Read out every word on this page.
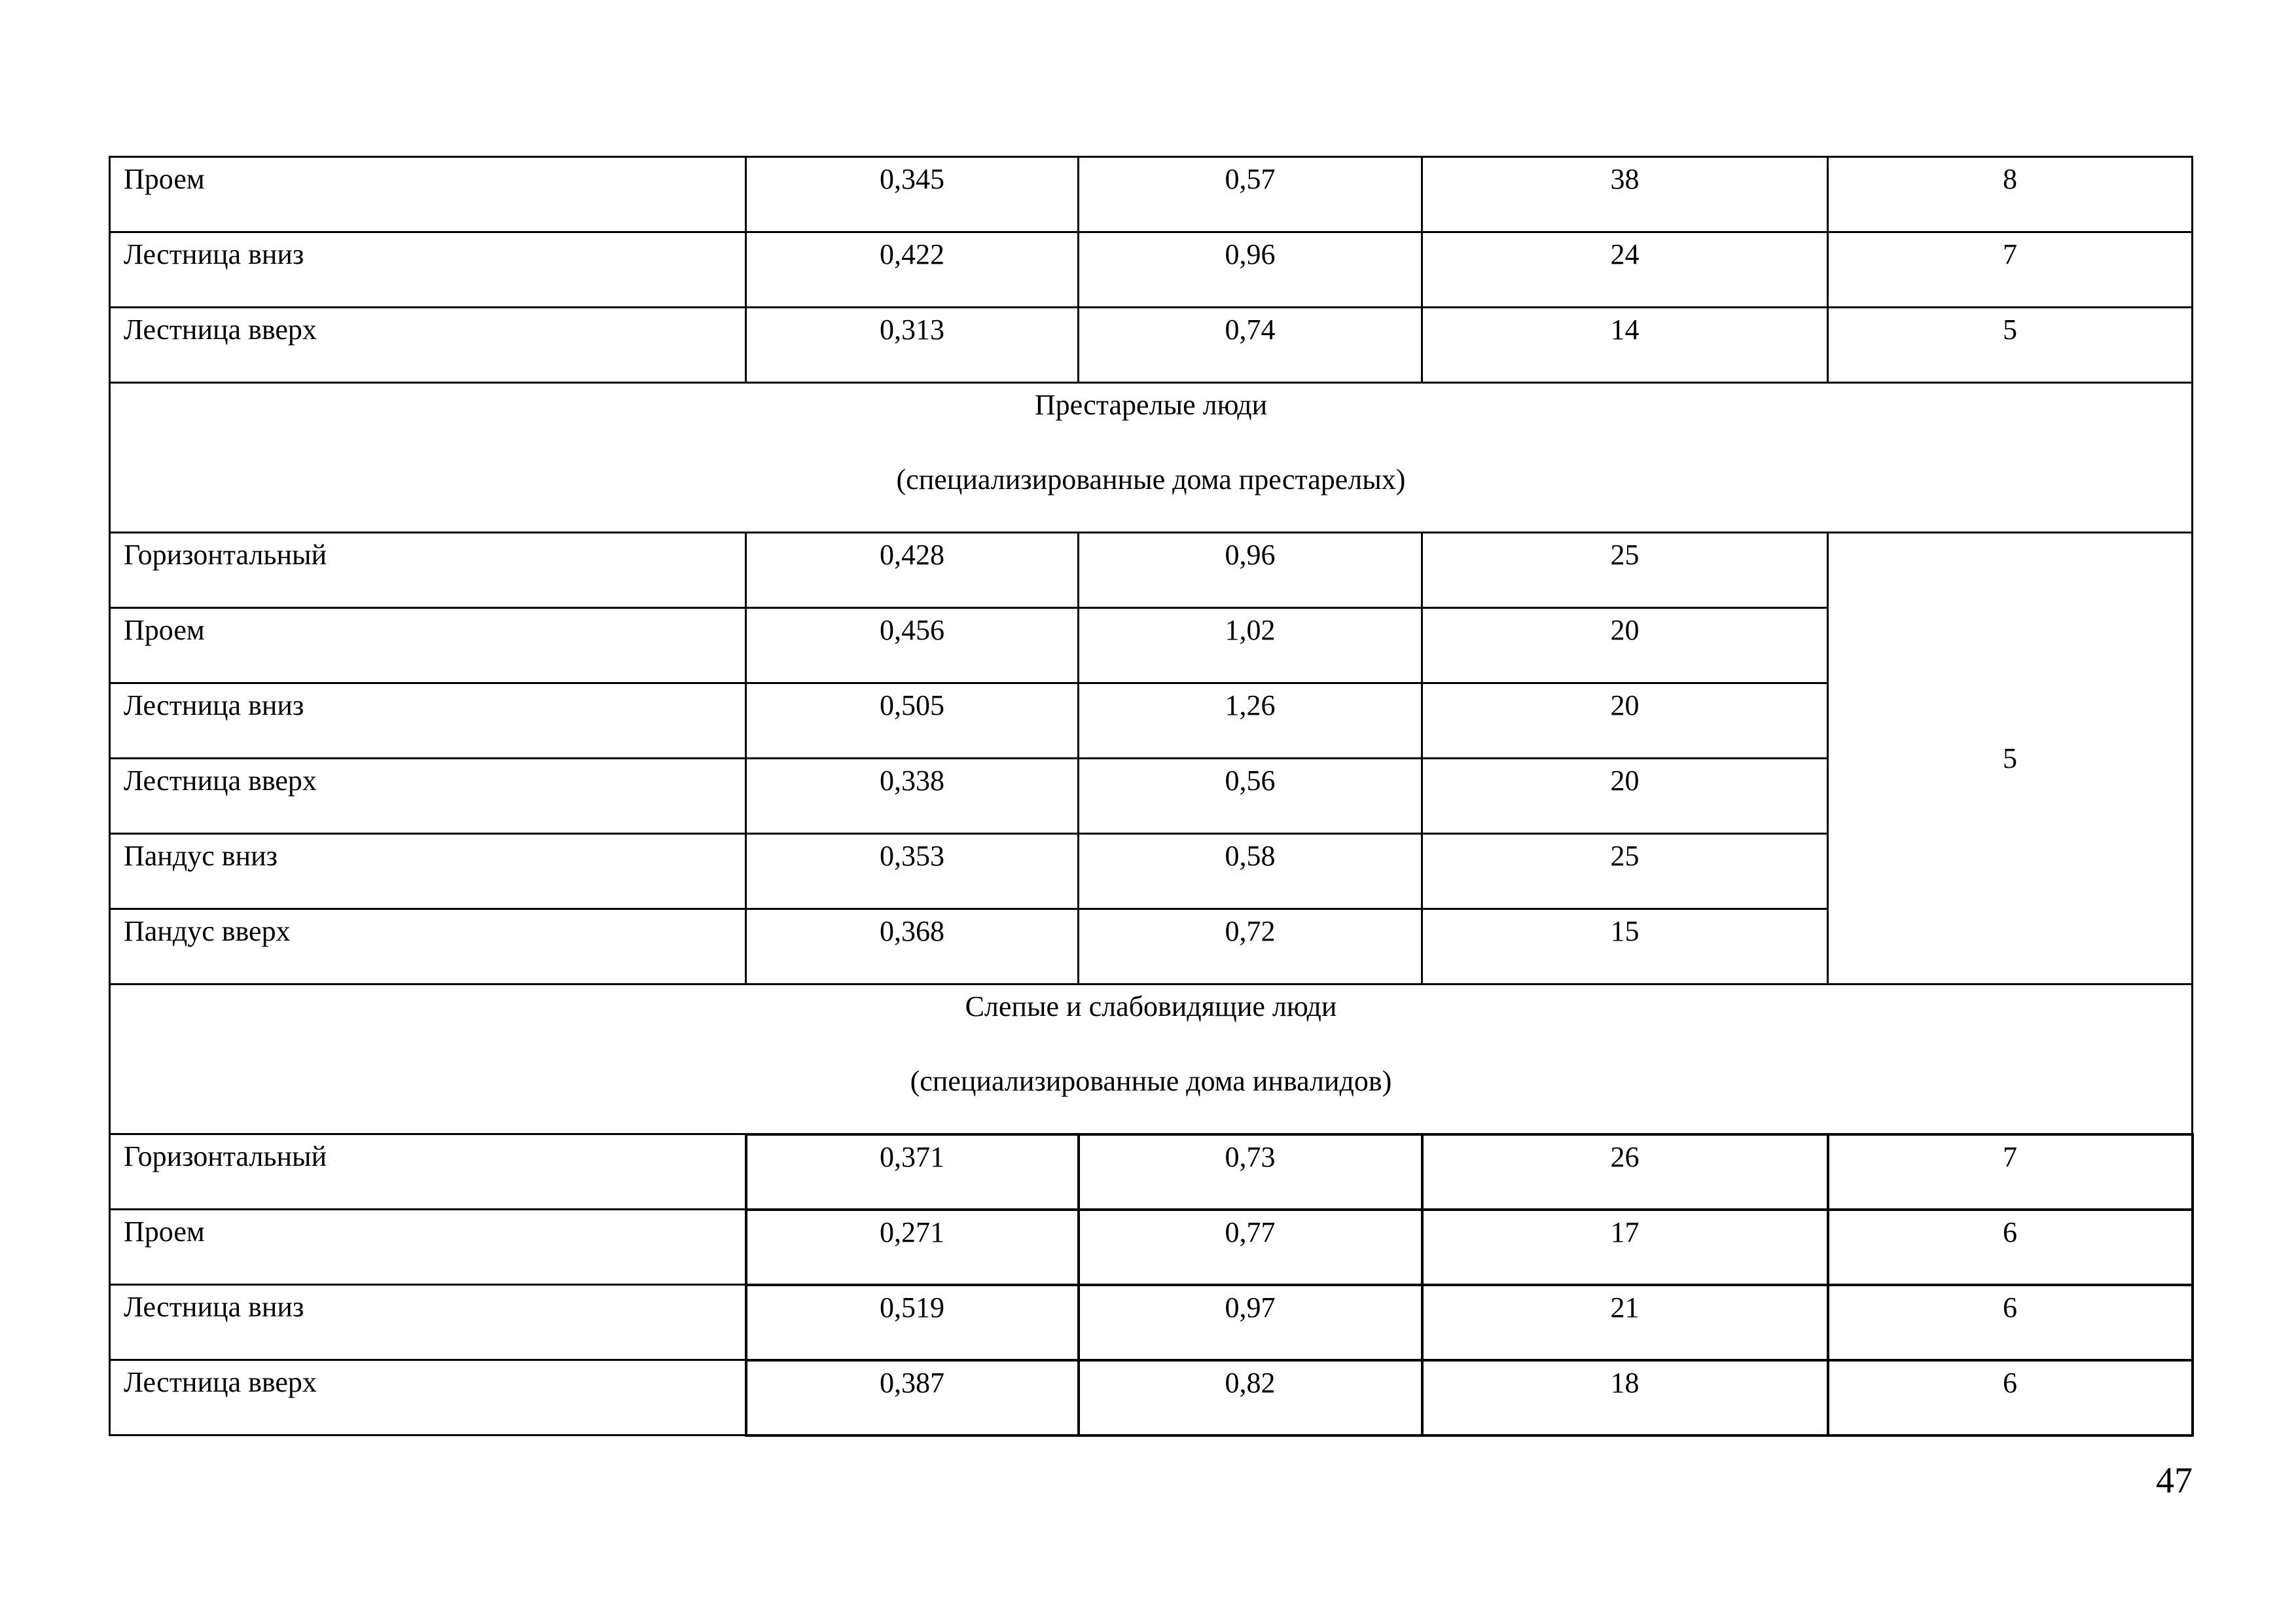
Проем	0,345	0,57	38	8
Лестница вниз	0,422	0,96	24	7
Лестница вверх	0,313	0,74	14	5

Престарелые люди
(специализированные дома престарелых)				

Горизонтальный	0,428	0,96	25	5
Проем	0,456	1,02	20	
Лестница вниз	0,505	1,26	20	
Лестница вверх	0,338	0,56	20	
Пандус вниз	0,353	0,58	25	
Пандус вверх	0,368	0,72	15	

Слепые и слабовидящие люди
(специализированные дома инвалидов)				

Горизонтальный	0,371	0,73	26	7
Проем	0,271	0,77	17	6
Лестница вниз	0,519	0,97	21	6
Лестница вверх	0,387	0,82	18	6
47
